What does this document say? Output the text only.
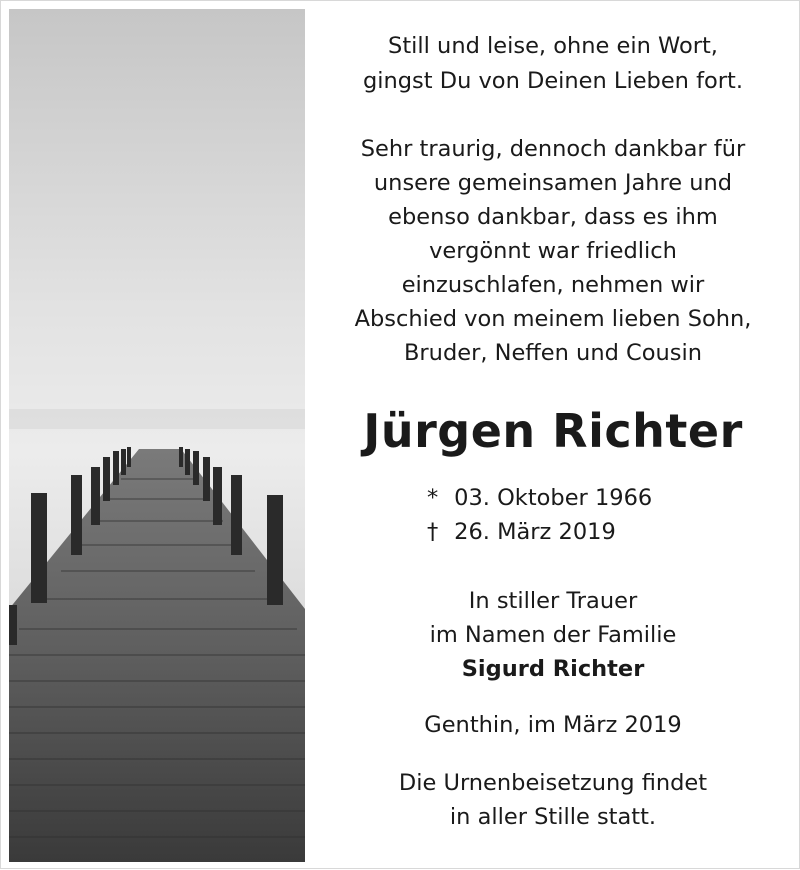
Still und leise, ohne ein Wort,
gingst Du von Deinen Lieben fort.
Sehr traurig, dennoch dankbar für
unsere gemeinsamen Jahre und
ebenso dankbar, dass es ihm
vergönnt war friedlich
einzuschlafen, nehmen wir
Abschied von meinem lieben Sohn,
Bruder, Neffen und Cousin
Jürgen Richter
* 03. Oktober 1966
† 26. März 2019
In stiller Trauer
im Namen der Familie
Sigurd Richter
Genthin, im März 2019
Die Urnenbeisetzung findet
in aller Stille statt.
